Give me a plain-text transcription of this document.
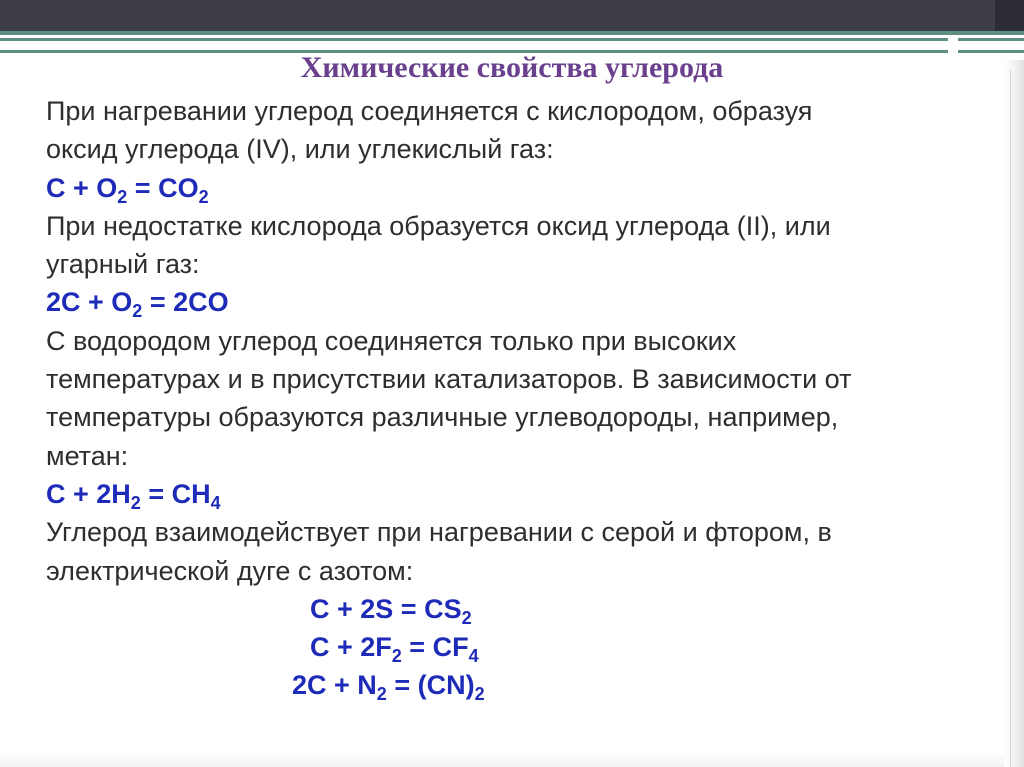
Химические свойства углерода
При нагревании углерод соединяется с кислородом, образуя
оксид углерода (IV), или углекислый газ:
$C + O_2 = CO_2$
При недостатке кислорода образуется оксид углерода (II), или
угарный газ:
$2C + O_2 = 2CO$
С водородом углерод соединяется только при высоких
температурах и в присутствии катализаторов. В зависимости от
температуры образуются различные углеводороды, например,
метан:
$C + 2H_2 = CH_4$
Углерод взаимодействует при нагревании с серой и фтором, в
электрической дуге с азотом:
$C + 2S = CS_2$
$C + 2F_2 = CF_4$
$2C + N_2 = (CN)_2$
